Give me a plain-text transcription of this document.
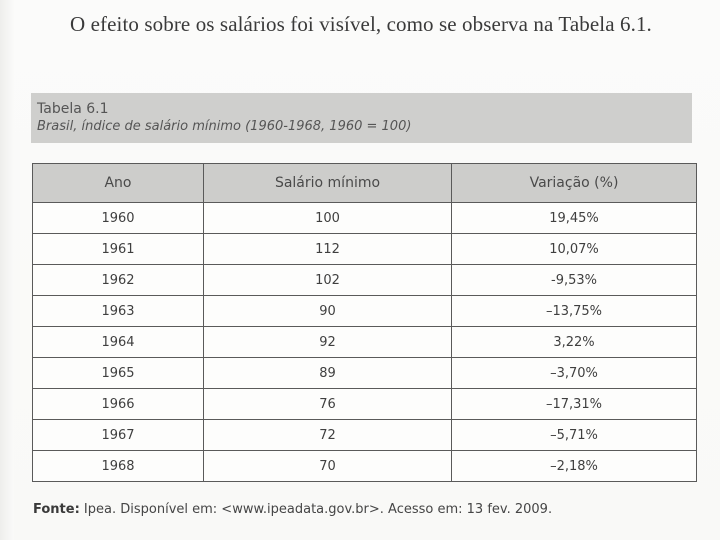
O efeito sobre os salários foi visível, como se observa na Tabela 6.1.
Tabela 6.1
Brasil, índice de salário mínimo (1960-1968, 1960 = 100)
Ano	Salário mínimo	Variação (%)
1960	100	19,45%
1961	112	10,07%
1962	102	-9,53%
1963	90	–13,75%
1964	92	3,22%
1965	89	–3,70%
1966	76	–17,31%
1967	72	–5,71%
1968	70	–2,18%
Fonte: Ipea. Disponível em: <www.ipeadata.gov.br>. Acesso em: 13 fev. 2009.
